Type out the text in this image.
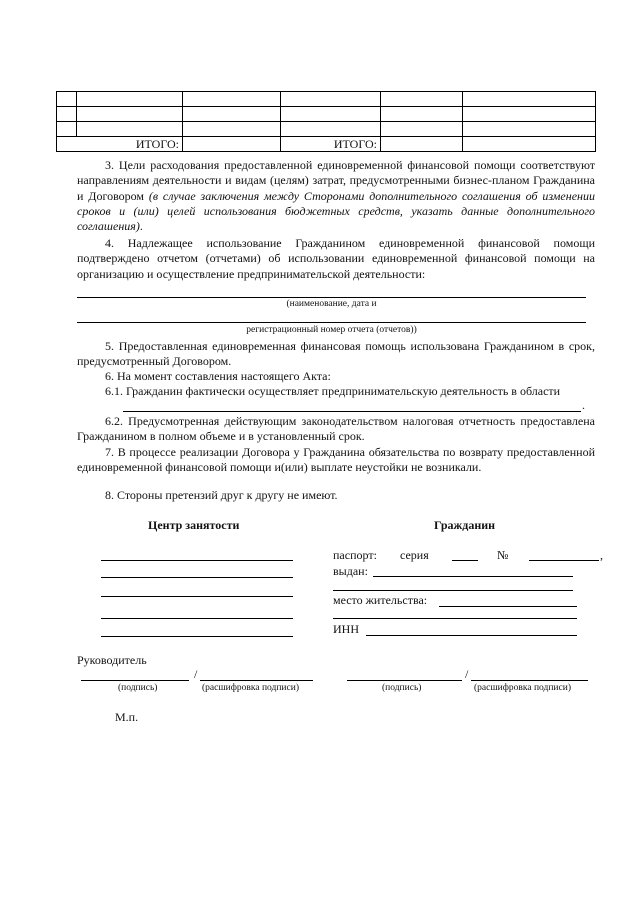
ИТОГО:			ИТОГО:		
3. Цели расходования предоставленной единовременной финансовой помощи соответствуют направлениям деятельности и видам (целям) затрат, предусмотренными бизнес-планом Гражданина и Договором (в случае заключения между Сторонами дополнительного соглашения об изменении сроков и (или) целей использования бюджетных средств, указать данные дополнительного соглашения).
4. Надлежащее использование Гражданином единовременной финансовой помощи подтверждено отчетом (отчетами) об использовании единовременной финансовой помощи на организацию и осуществление предпринимательской деятельности:
(наименование, дата и
регистрационный номер отчета (отчетов))
5. Предоставленная единовременная финансовая помощь использована Гражданином в срок, предусмотренный Договором.
6. На момент составления настоящего Акта:
6.1. Гражданин фактически осуществляет предпринимательскую деятельность в области
.
6.2. Предусмотренная действующим законодательством налоговая отчетность предоставлена Гражданином в полном объеме и в установленный срок.
7. В процессе реализации Договора у Гражданина обязательства по возврату предоставленной единовременной финансовой помощи и(или) выплате неустойки не возникали.
8. Стороны претензий друг к другу не имеют.
Центр занятости	Гражданин
паспорт: серия	№	,
выдан:
место жительства:
ИНН
Руководитель
/
(подпись)	(расшифровка подписи)
/
(подпись)	(расшифровка подписи)
М.п.
